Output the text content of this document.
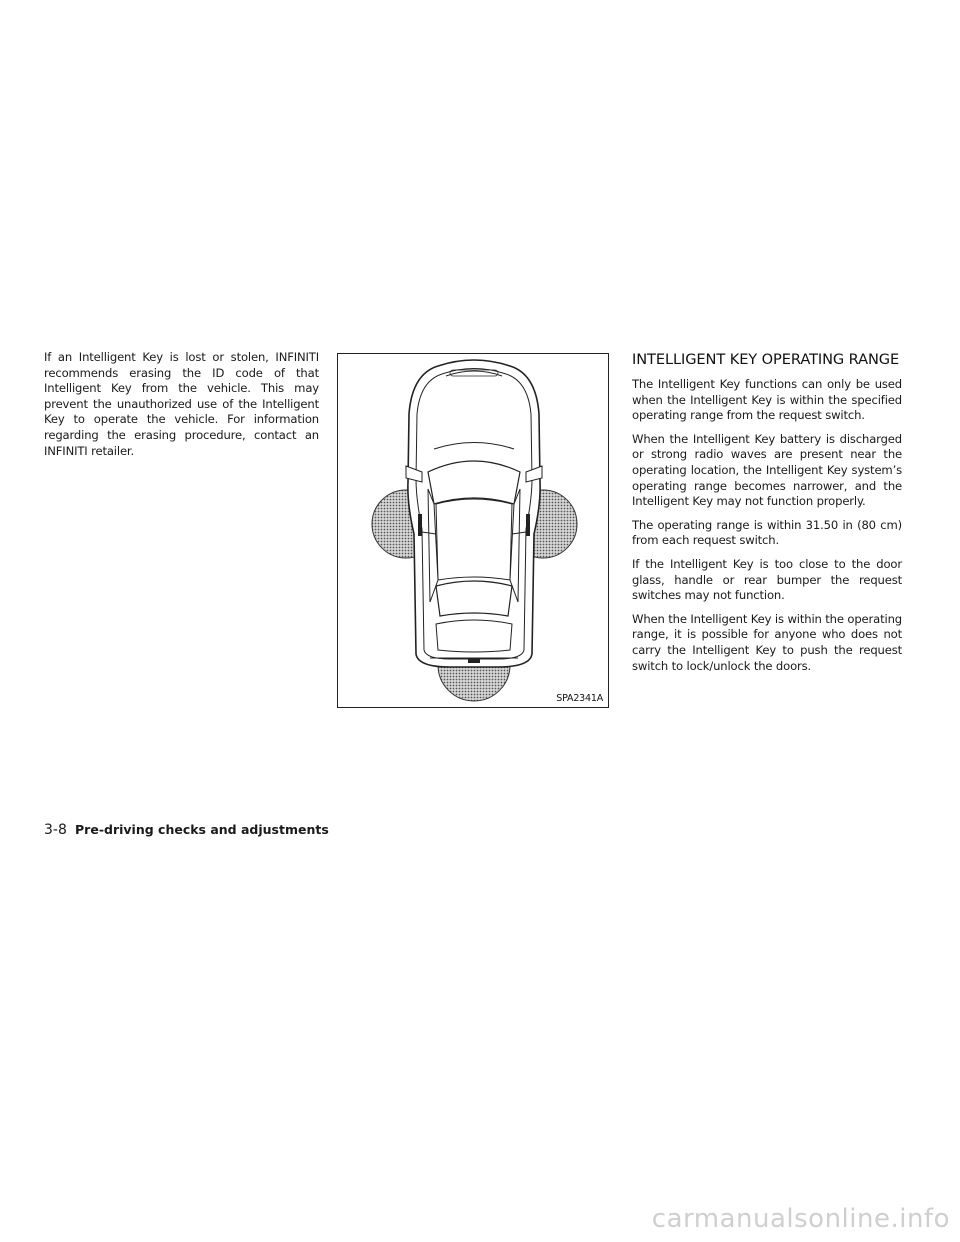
If an Intelligent Key is lost or stolen, INFINITI recommends erasing the ID code of that Intelligent Key from the vehicle. This may prevent the unauthorized use of the Intelligent Key to operate the vehicle. For information regarding the erasing procedure, contact an INFINITI retailer.

SPA2341A
INTELLIGENT KEY OPERATING RANGE

The Intelligent Key functions can only be used when the Intelligent Key is within the specified operating range from the request switch.

When the Intelligent Key battery is discharged or strong radio waves are present near the operating location, the Intelligent Key system’s operating range becomes narrower, and the Intelligent Key may not function properly.

The operating range is within 31.50 in (80 cm) from each request switch.

If the Intelligent Key is too close to the door glass, handle or rear bumper the request switches may not function.

When the Intelligent Key is within the operating range, it is possible for anyone who does not carry the Intelligent Key to push the request switch to lock/unlock the doors.

3-8 Pre-driving checks and adjustments
carmanualsonline.info
